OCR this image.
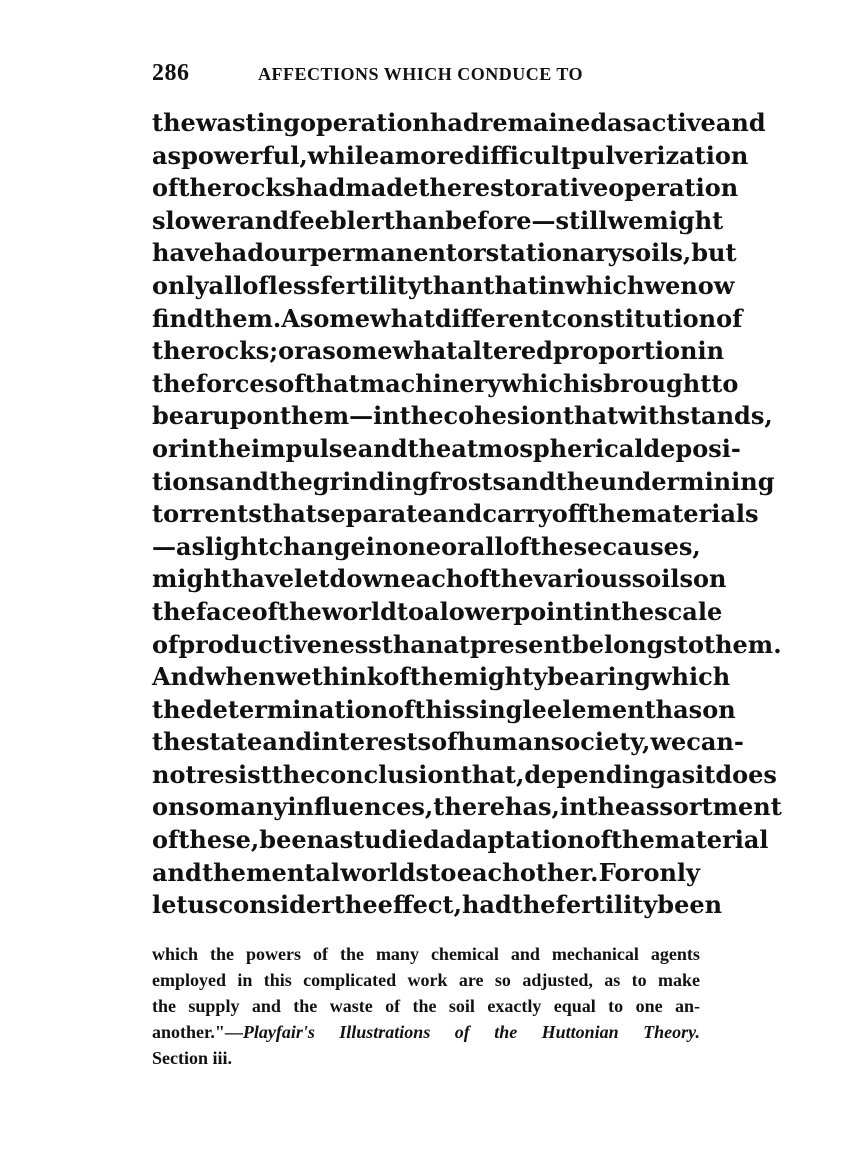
286	AFFECTIONS WHICH CONDUCE TO
the wasting operation had remained as active and
as powerful, while a more difficult pulverization
of the rocks had made the restorative operation
slower and feebler than before—still we might
have had our permanent or stationary soils, but
only all of less fertility than that in which we now
find them. A somewhat different constitution of
the rocks; or a somewhat altered proportion in
the forces of that machinery which is brought to
bear upon them—in the cohesion that withstands,
or in the impulse and the atmospherical deposi-
tions and the grinding frosts and the undermining
torrents that separate and carry off the materials
—a slight change in one or all of these causes,
might have let down each of the various soils on
the face of the world to a lower point in the scale
of productiveness than at present belongs to them.
And when we think of the mighty bearing which
the determination of this single element has on
the state and interests of human society, we can-
not resist the conclusion that, depending as it does
on so many influences, there has, in the assortment
of these, been a studied adaptation of the material
and the mental worlds to each other. For only
let us consider the effect, had the fertility been
which the powers of the many chemical and mechanical agents
employed in this complicated work are so adjusted, as to make
the supply and the waste of the soil exactly equal to one an-
another."—Playfair's Illustrations of the Huttonian Theory.
Section iii.
